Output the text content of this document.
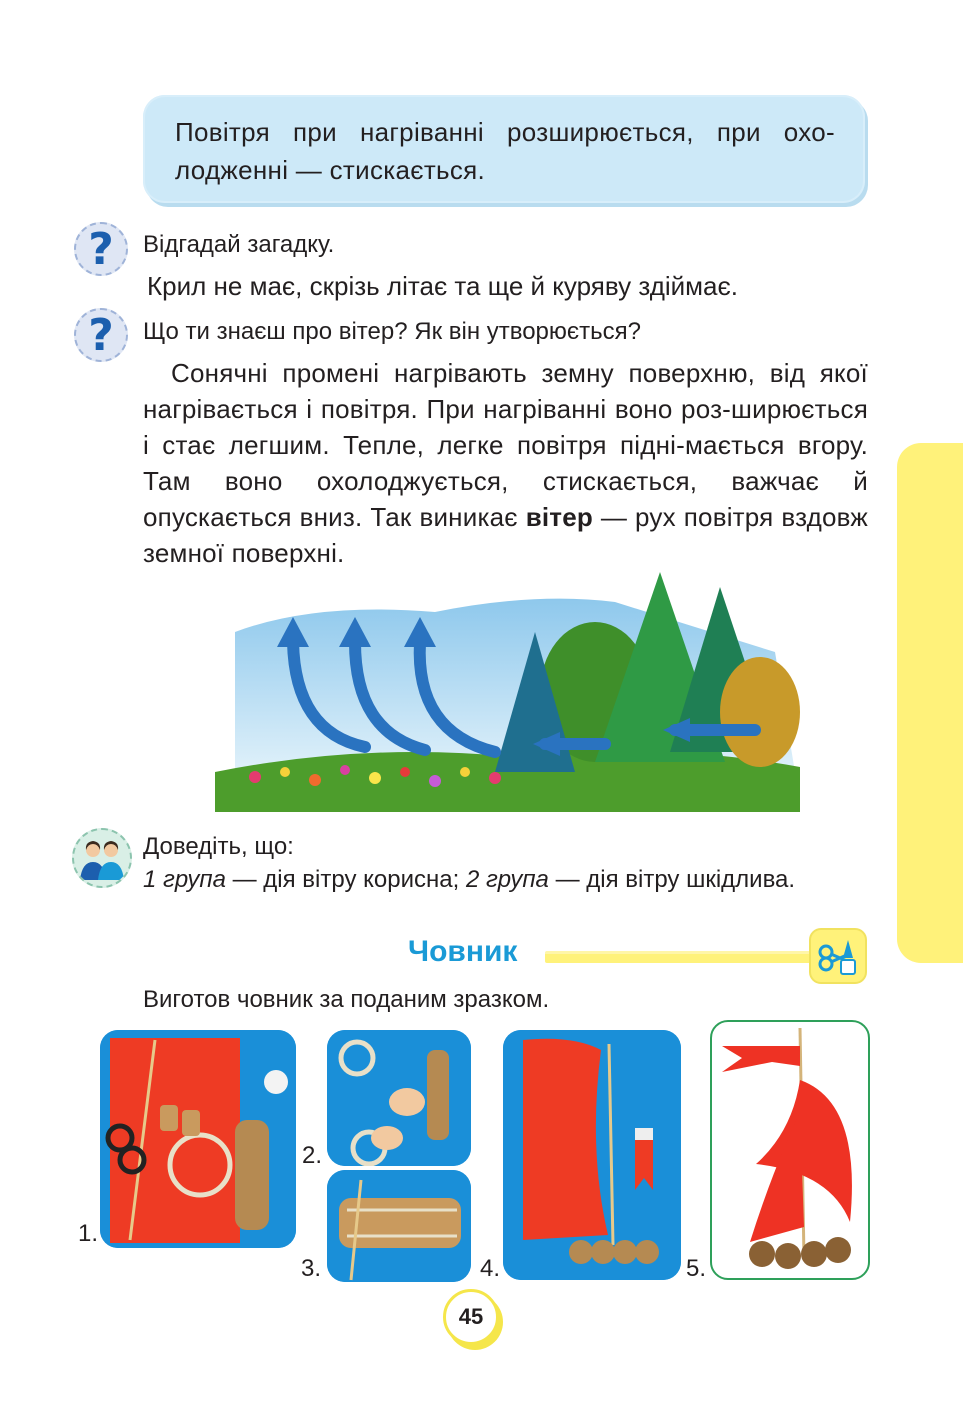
Повітря при нагріванні розширюється, при охо-лодженні — стискається.
?	Відгадай загадку.
Крил не має, скрізь літає та ще й куряву здіймає.
?	Що ти знаєш про вітер? Як він утворюється?
Сонячні промені нагрівають земну поверхню, від якої нагрівається і повітря. При нагріванні воно роз-ширюється і стає легшим. Тепле, легке повітря підні-мається вгору. Там воно охолоджується, стискається, важчає й опускається вниз. Так виникає вітер — рух повітря вздовж земної поверхні.
Доведіть, що:
1 група — дія вітру корисна; 2 група — дія вітру шкідлива.
Човник
Виготов човник за поданим зразком.
1.
2.
3.	4.	5.
45
